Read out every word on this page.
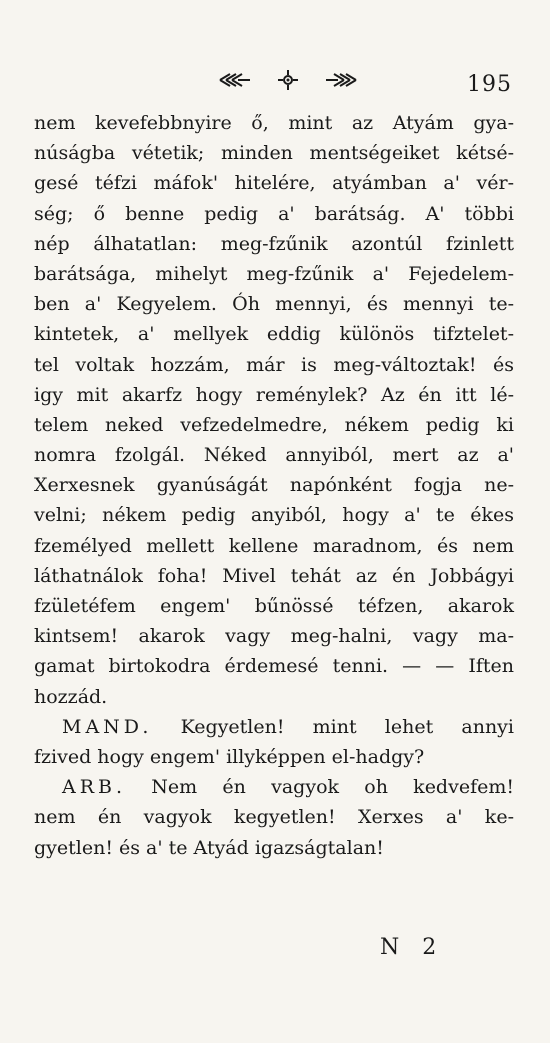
195
nem kevefebbnyire ő, mint az Atyám gya-
núságba vétetik; minden mentségeiket kétsé-
gesé téfzi máfok' hitelére, atyámban a' vér-
ség; ő benne pedig a' barátság. A' többi
nép álhatatlan: meg-fzűnik azontúl fzinlett
barátsága, mihelyt meg-fzűnik a' Fejedelem-
ben a' Kegyelem. Óh mennyi, és mennyi te-
kintetek, a' mellyek eddig különös tifztelet-
tel voltak hozzám, már is meg-változtak! és
igy mit akarfz hogy reménylek? Az én itt lé-
telem neked vefzedelmedre, nékem pedig ki
nomra fzolgál. Néked annyiból, mert az a'
Xerxesnek gyanúságát napónként fogja ne-
velni; nékem pedig anyiból, hogy a' te ékes
fzemélyed mellett kellene maradnom, és nem
láthatnálok foha! Mivel tehát az én Jobbágyi
fzületéfem engem' bűnössé téfzen, akarok
kintsem! akarok vagy meg-halni, vagy ma-
gamat birtokodra érdemesé tenni. — — Iften
hozzád.
MAND. Kegyetlen! mint lehet annyi
fzived hogy engem' illyképpen el-hadgy?
ARB. Nem én vagyok oh kedvefem!
nem én vagyok kegyetlen! Xerxes a' ke-
gyetlen! és a' te Atyád igazságtalan!
N 2
